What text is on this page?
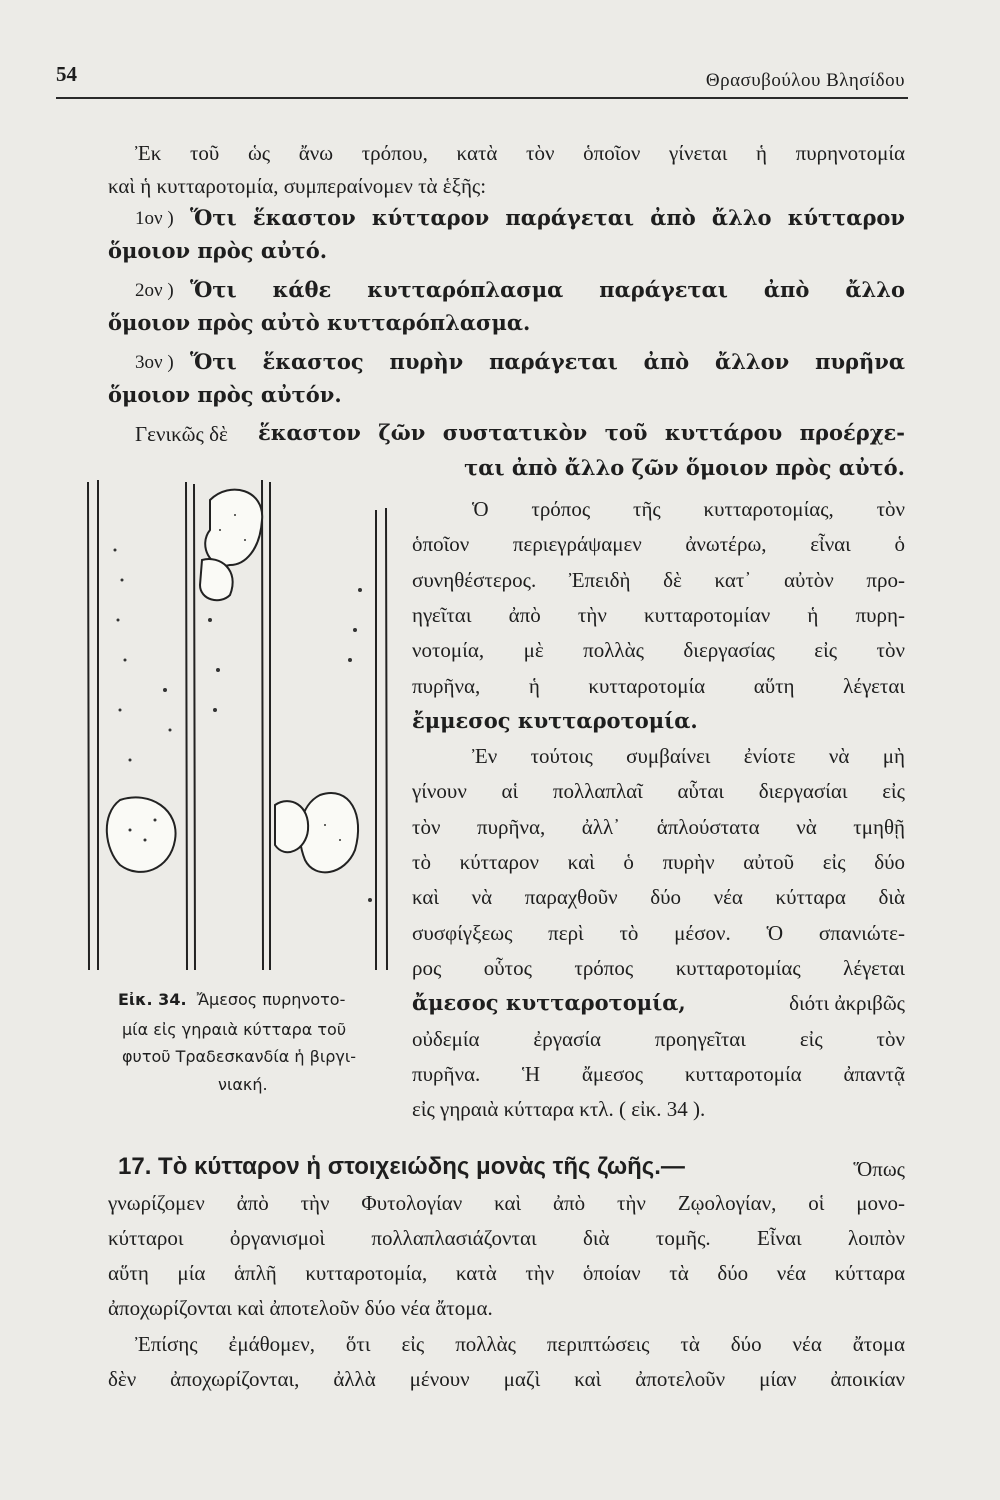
54	Θρασυβούλου Βλησίδου
Ἐκ τοῦ ὡς ἄνω τρόπου, κατὰ τὸν ὁποῖον γίνεται ἡ πυρηνοτομία
καὶ ἡ κυτταροτομία, συμπεραίνομεν τὰ ἑξῆς:
1ον ) Ὅτι ἕκαστον κύτταρον παράγεται ἀπὸ ἄλλο κύτταρον
ὅμοιον πρὸς αὐτό.
2ον ) Ὅτι κάθε κυτταρόπλασμα παράγεται ἀπὸ ἄλλο
ὅμοιον πρὸς αὐτὸ κυτταρόπλασμα.
3ον ) Ὅτι ἕκαστος πυρὴν παράγεται ἀπὸ ἄλλον πυρῆνα
ὅμοιον πρὸς αὐτόν.
Γενικῶς δὲ ἕκαστον ζῶν συστατικὸν τοῦ κυττάρου προέρχε-
ται ἀπὸ ἄλλο ζῶν ὅμοιον πρὸς αὐτό.
Εἰκ. 34. Ἄμεσος πυρηνοτο-
μία εἰς γηραιὰ κύτταρα τοῦ
φυτοῦ Τραδεσκανδία ἡ βιργι-
νιακή.
Ὁ τρόπος τῆς κυτταροτομίας, τὸν
ὁποῖον περιεγράψαμεν ἀνωτέρω, εἶναι ὁ
συνηθέστερος. Ἐπειδὴ δὲ κατ᾽ αὐτὸν προ-
ηγεῖται ἀπὸ τὴν κυτταροτομίαν ἡ πυρη-
νοτομία, μὲ πολλὰς διεργασίας εἰς τὸν
πυρῆνα, ἡ κυτταροτομία αὕτη λέγεται
ἔμμεσος κυτταροτομία.
Ἐν τούτοις συμβαίνει ἐνίοτε νὰ μὴ
γίνουν αἱ πολλαπλαῖ αὗται διεργασίαι εἰς
τὸν πυρῆνα, ἀλλ᾽ ἁπλούστατα νὰ τμηθῇ
τὸ κύτταρον καὶ ὁ πυρὴν αὐτοῦ εἰς δύο
καὶ νὰ παραχθοῦν δύο νέα κύτταρα διὰ
συσφίγξεως περὶ τὸ μέσον. Ὁ σπανιώτε-
ρος οὗτος τρόπος κυτταροτομίας λέγεται
ἄμεσος κυτταροτομία,	διότι ἀκριβῶς
οὐδεμία ἐργασία προηγεῖται εἰς τὸν
πυρῆνα. Ἡ ἄμεσος κυτταροτομία ἀπαντᾷ
εἰς γηραιὰ κύτταρα κτλ. ( εἰκ. 34 ).
17. Τὸ κύτταρον ἡ στοιχειώδης μονὰς τῆς ζωῆς.—	Ὅπως
γνωρίζομεν ἀπὸ τὴν Φυτολογίαν καὶ ἀπὸ τὴν Ζῳολογίαν, οἱ μονο-
κύτταροι ὀργανισμοὶ πολλαπλασιάζονται διὰ τομῆς. Εἶναι λοιπὸν
αὕτη μία ἁπλῆ κυτταροτομία, κατὰ τὴν ὁποίαν τὰ δύο νέα κύτταρα
ἀποχωρίζονται καὶ ἀποτελοῦν δύο νέα ἄτομα.
Ἐπίσης ἐμάθομεν, ὅτι εἰς πολλὰς περιπτώσεις τὰ δύο νέα ἄτομα
δὲν ἀποχωρίζονται, ἀλλὰ μένουν μαζὶ καὶ ἀποτελοῦν μίαν ἀποικίαν
